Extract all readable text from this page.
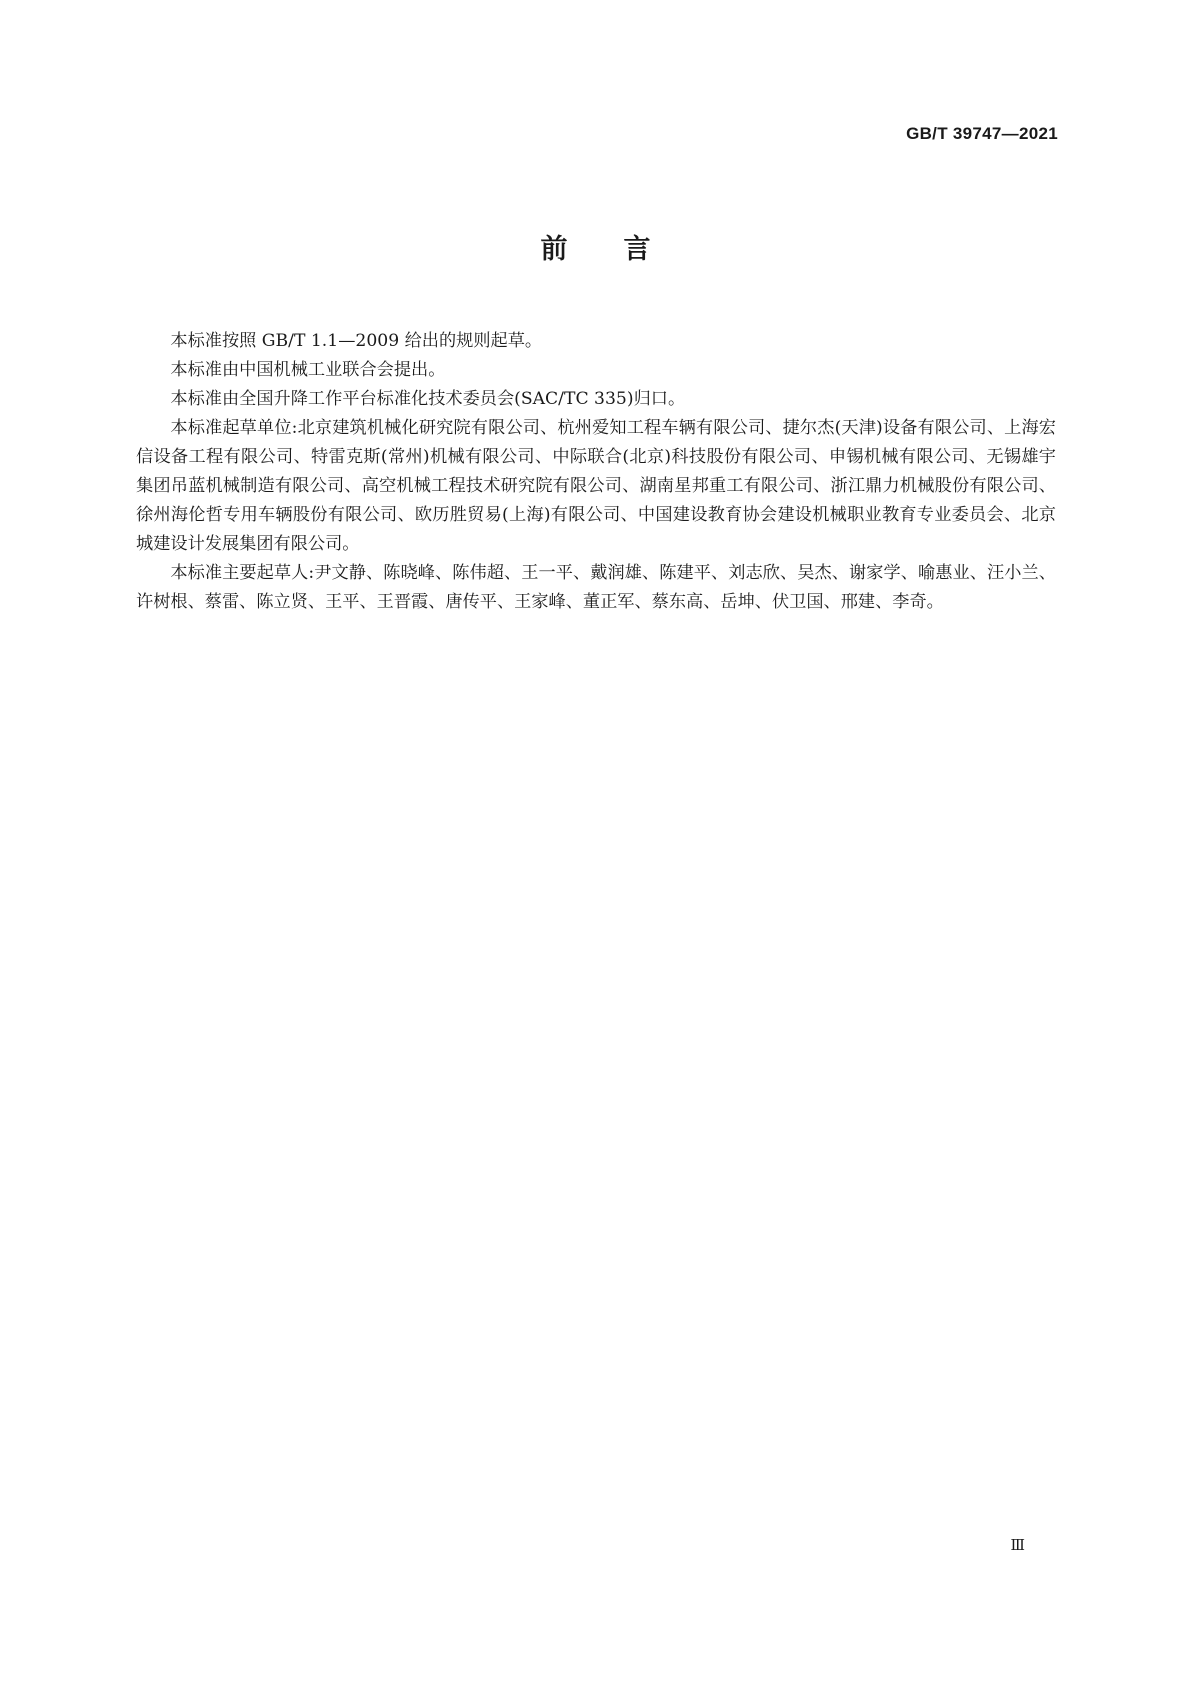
GB/T 39747—2021
前言

本标准按照 GB/T 1.1—2009 给出的规则起草。

本标准由中国机械工业联合会提出。

本标准由全国升降工作平台标准化技术委员会(SAC/TC 335)归口。

本标准起草单位:北京建筑机械化研究院有限公司、杭州爱知工程车辆有限公司、捷尔杰(天津)设备有限公司、上海宏信设备工程有限公司、特雷克斯(常州)机械有限公司、中际联合(北京)科技股份有限公司、申锡机械有限公司、无锡雄宇集团吊蓝机械制造有限公司、高空机械工程技术研究院有限公司、湖南星邦重工有限公司、浙江鼎力机械股份有限公司、徐州海伦哲专用车辆股份有限公司、欧历胜贸易(上海)有限公司、中国建设教育协会建设机械职业教育专业委员会、北京城建设计发展集团有限公司。

本标准主要起草人:尹文静、陈晓峰、陈伟超、王一平、戴润雄、陈建平、刘志欣、吴杰、谢家学、喻惠业、汪小兰、许树根、蔡雷、陈立贤、王平、王晋霞、唐传平、王家峰、董正军、蔡东高、岳坤、伏卫国、邢建、李奇。

Ⅲ
